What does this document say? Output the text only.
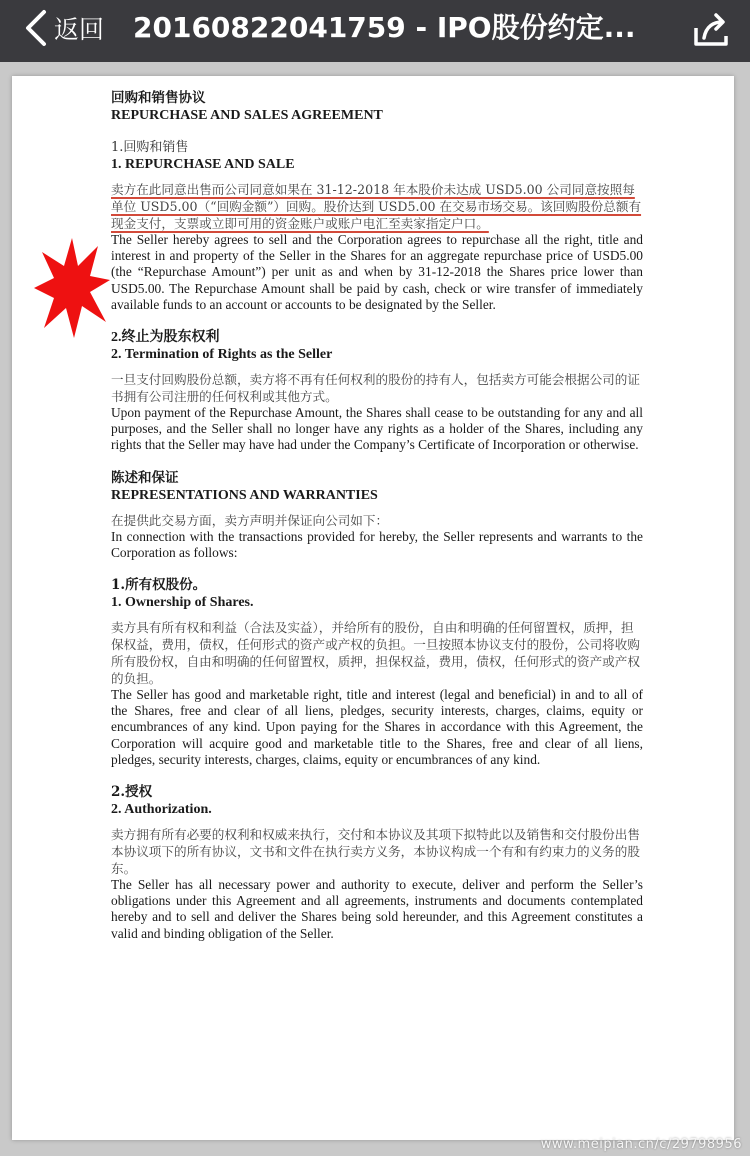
返回 20160822041759 - IPO股份约定...
回购和销售协议
REPURCHASE AND SALES AGREEMENT
1.回购和销售
1. REPURCHASE AND SALE
卖方在此同意出售而公司同意如果在 31-12-2018 年本股价未达成 USD5.00 公司同意按照每单位 USD5.00（“回购金额”）回购。股价达到 USD5.00 在交易市场交易。该回购股份总额有现金支付，支票或立即可用的资金账户或账户电汇至卖家指定户口。
The Seller hereby agrees to sell and the Corporation agrees to repurchase all the right, title and interest in and property of the Seller in the Shares for an aggregate repurchase price of USD5.00 (the “Repurchase Amount”) per unit as and when by 31-12-2018 the Shares price lower than USD5.00. The Repurchase Amount shall be paid by cash, check or wire transfer of immediately available funds to an account or accounts to be designated by the Seller.
2.终止为股东权利
2. Termination of Rights as the Seller
一旦支付回购股份总额，卖方将不再有任何权利的股份的持有人，包括卖方可能会根据公司的证书拥有公司注册的任何权利或其他方式。
Upon payment of the Repurchase Amount, the Shares shall cease to be outstanding for any and all purposes, and the Seller shall no longer have any rights as a holder of the Shares, including any rights that the Seller may have had under the Company’s Certificate of Incorporation or otherwise.
陈述和保证
REPRESENTATIONS AND WARRANTIES
在提供此交易方面，卖方声明并保证向公司如下：
In connection with the transactions provided for hereby, the Seller represents and warrants to the Corporation as follows:
1.所有权股份。
1. Ownership of Shares.
卖方具有所有权和利益（合法及实益），并给所有的股份，自由和明确的任何留置权，质押，担保权益，费用，债权，任何形式的资产或产权的负担。一旦按照本协议支付的股份，公司将收购所有股份权，自由和明确的任何留置权，质押，担保权益，费用，债权，任何形式的资产或产权的负担。
The Seller has good and marketable right, title and interest (legal and beneficial) in and to all of the Shares, free and clear of all liens, pledges, security interests, charges, claims, equity or encumbrances of any kind. Upon paying for the Shares in accordance with this Agreement, the Corporation will acquire good and marketable title to the Shares, free and clear of all liens, pledges, security interests, charges, claims, equity or encumbrances of any kind.
2.授权
2. Authorization.
卖方拥有所有必要的权利和权威来执行，交付和本协议及其项下拟特此以及销售和交付股份出售本协议项下的所有协议，文书和文件在执行卖方义务，本协议构成一个有和有约束力的义务的股东。
The Seller has all necessary power and authority to execute, deliver and perform the Seller’s obligations under this Agreement and all agreements, instruments and documents contemplated hereby and to sell and deliver the Shares being sold hereunder, and this Agreement constitutes a valid and binding obligation of the Seller.
www.meipian.cn/c/29798956
